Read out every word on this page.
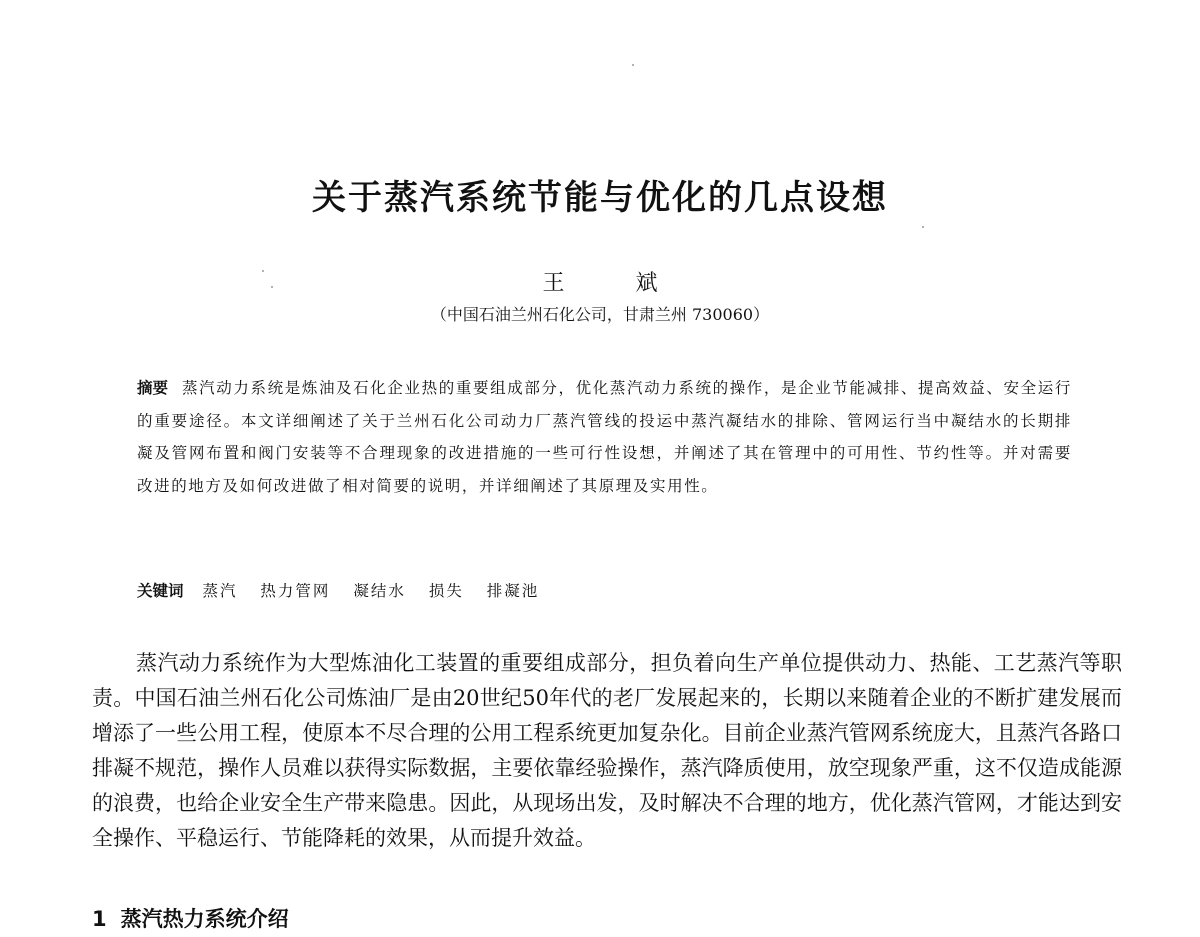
关于蒸汽系统节能与优化的几点设想
王 斌
（中国石油兰州石化公司，甘肃兰州 730060）
摘要 蒸汽动力系统是炼油及石化企业热的重要组成部分，优化蒸汽动力系统的操作，是企业节能减排、提高效益、安全运行的重要途径。本文详细阐述了关于兰州石化公司动力厂蒸汽管线的投运中蒸汽凝结水的排除、管网运行当中凝结水的长期排凝及管网布置和阀门安装等不合理现象的改进措施的一些可行性设想，并阐述了其在管理中的可用性、节约性等。并对需要改进的地方及如何改进做了相对简要的说明，并详细阐述了其原理及实用性。
关键词 蒸汽 热力管网 凝结水 损失 排凝池

蒸汽动力系统作为大型炼油化工装置的重要组成部分，担负着向生产单位提供动力、热能、工艺蒸汽等职责。中国石油兰州石化公司炼油厂是由20世纪50年代的老厂发展起来的，长期以来随着企业的不断扩建发展而增添了一些公用工程，使原本不尽合理的公用工程系统更加复杂化。目前企业蒸汽管网系统庞大，且蒸汽各路口排凝不规范，操作人员难以获得实际数据，主要依靠经验操作，蒸汽降质使用，放空现象严重，这不仅造成能源的浪费，也给企业安全生产带来隐患。因此，从现场出发，及时解决不合理的地方，优化蒸汽管网，才能达到安全操作、平稳运行、节能降耗的效果，从而提升效益。

1 蒸汽热力系统介绍
